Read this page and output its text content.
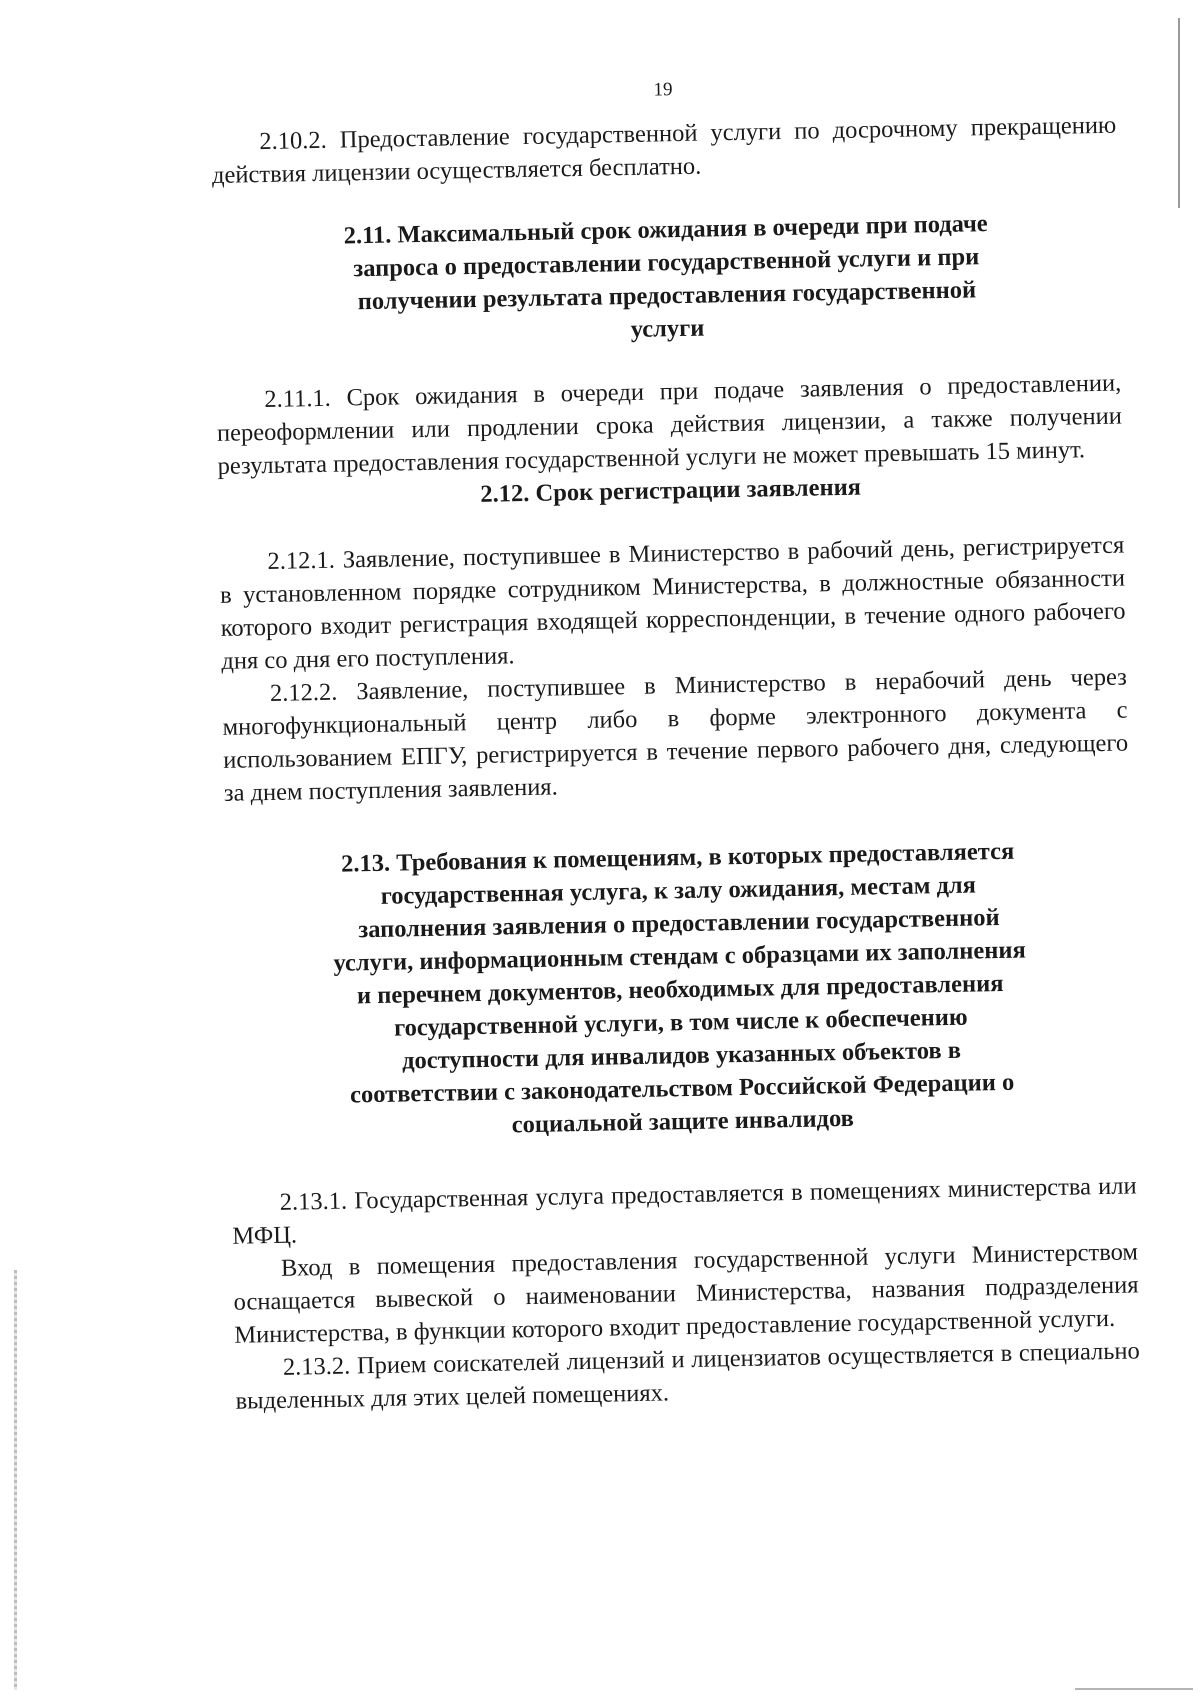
19

2.10.2. Предоставление государственной услуги по досрочному прекращению действия лицензии осуществляется бесплатно.

2.11. Максимальный срок ожидания в очереди при подаче запроса о предоставлении государственной услуги и при получении результата предоставления государственной услуги

2.11.1. Срок ожидания в очереди при подаче заявления о предоставлении, переоформлении или продлении срока действия лицензии, а также получении результата предоставления государственной услуги не может превышать 15 минут.

2.12. Срок регистрации заявления

2.12.1. Заявление, поступившее в Министерство в рабочий день, регистрируется в установленном порядке сотрудником Министерства, в должностные обязанности которого входит регистрация входящей корреспонденции, в течение одного рабочего дня со дня его поступления.

2.12.2. Заявление, поступившее в Министерство в нерабочий день через многофункциональный центр либо в форме электронного документа с использованием ЕПГУ, регистрируется в течение первого рабочего дня, следующего за днем поступления заявления.

2.13. Требования к помещениям, в которых предоставляется государственная услуга, к залу ожидания, местам для заполнения заявления о предоставлении государственной услуги, информационным стендам с образцами их заполнения и перечнем документов, необходимых для предоставления государственной услуги, в том числе к обеспечению доступности для инвалидов указанных объектов в соответствии с законодательством Российской Федерации о социальной защите инвалидов

2.13.1. Государственная услуга предоставляется в помещениях министерства или МФЦ.

Вход в помещения предоставления государственной услуги Министерством оснащается вывеской о наименовании Министерства, названия подразделения Министерства, в функции которого входит предоставление государственной услуги.

2.13.2. Прием соискателей лицензий и лицензиатов осуществляется в специально выделенных для этих целей помещениях.
